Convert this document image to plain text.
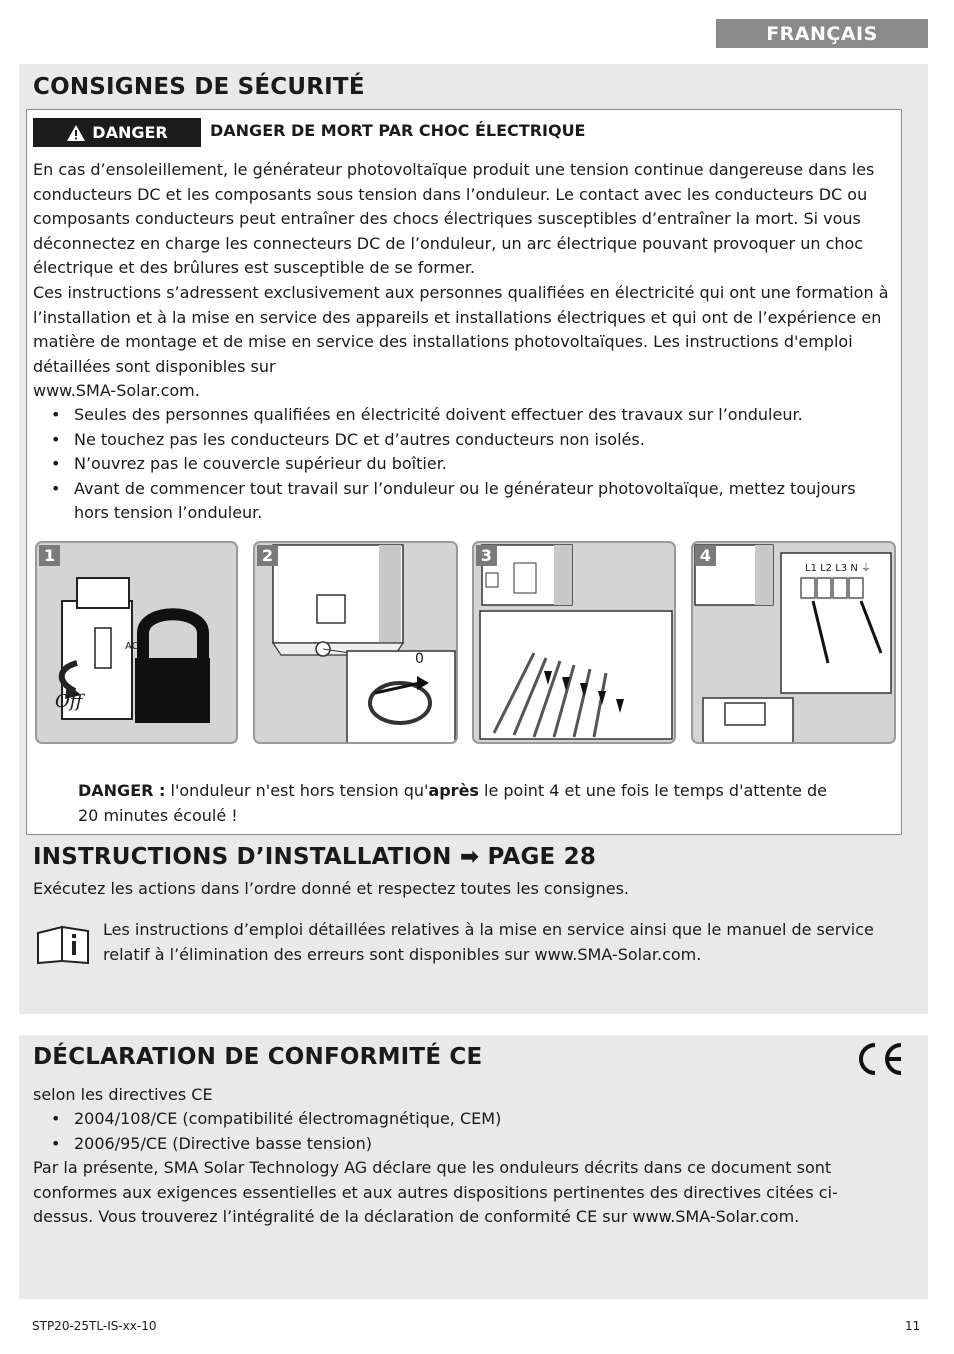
FRANÇAIS
CONSIGNES DE SÉCURITÉ
DANGER	DANGER DE MORT PAR CHOC ÉLECTRIQUE

En cas d’ensoleillement, le générateur photovoltaïque produit une tension continue dangereuse dans les conducteurs DC et les composants sous tension dans l’onduleur. Le contact avec les conducteurs DC ou composants conducteurs peut entraîner des chocs électriques susceptibles d’entraîner la mort. Si vous déconnectez en charge les connecteurs DC de l’onduleur, un arc électrique pouvant provoquer un choc électrique et des brûlures est susceptible de se former.

Ces instructions s’adressent exclusivement aux personnes qualifiées en électricité qui ont une formation à l’installation et à la mise en service des appareils et installations électriques et qui ont de l’expérience en matière de montage et de mise en service des installations photovoltaïques. Les instructions d'emploi détaillées sont disponibles sur

www.SMA-Solar.com.

• Seules des personnes qualifiées en électricité doivent effectuer des travaux sur l’onduleur.
• Ne touchez pas les conducteurs DC et d’autres conducteurs non isolés.
• N’ouvrez pas le couvercle supérieur du boîtier.
• Avant de commencer tout travail sur l’onduleur ou le générateur photovoltaïque, mettez toujours hors tension l’onduleur.
AC
Off
1
0
2	3
L1 L2 L3 N ⏚
4

DANGER : l'onduleur n'est hors tension qu'après le point 4 et une fois le temps d'attente de 20 minutes écoulé !

INSTRUCTIONS D’INSTALLATION ➡ PAGE 28

Exécutez les actions dans l’ordre donné et respectez toutes les consignes.

Les instructions d’emploi détaillées relatives à la mise en service ainsi que le manuel de service relatif à l’élimination des erreurs sont disponibles sur www.SMA-Solar.com.

DÉCLARATION DE CONFORMITÉ CE

selon les directives CE

• 2004/108/CE (compatibilité électromagnétique, CEM)
• 2006/95/CE (Directive basse tension)

Par la présente, SMA Solar Technology AG déclare que les onduleurs décrits dans ce document sont conformes aux exigences essentielles et aux autres dispositions pertinentes des directives citées ci-dessus. Vous trouverez l’intégralité de la déclaration de conformité CE sur www.SMA-Solar.com.

STP20-25TL-IS-xx-10	11
